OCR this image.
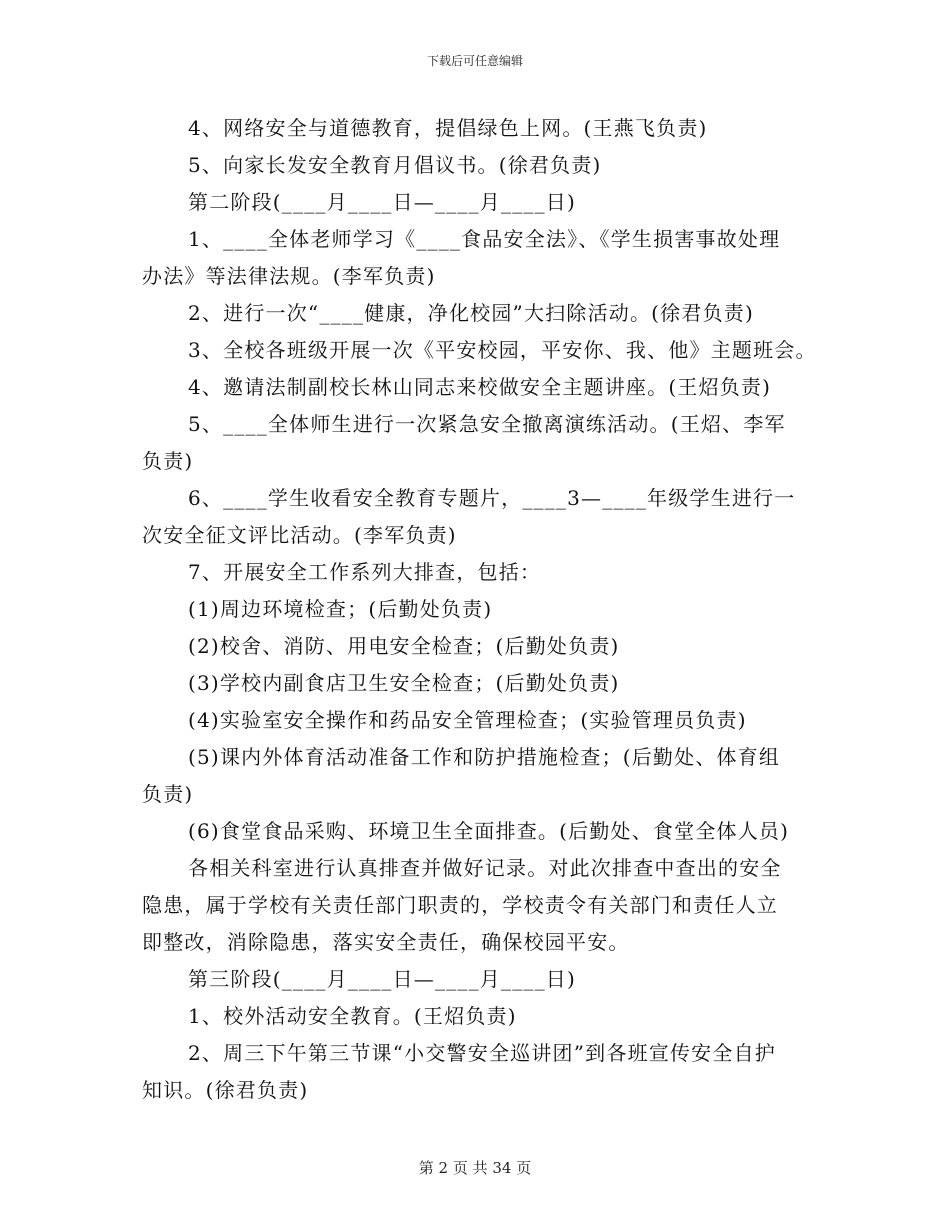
下载后可任意编辑
4、网络安全与道德教育，提倡绿色上网。(王燕飞负责)
5、向家长发安全教育月倡议书。(徐君负责)
第二阶段(____月____日—____月____日)
1、____全体老师学习《____食品安全法》、《学生损害事故处理
办法》等法律法规。(李军负责)
2、进行一次“____健康，净化校园”大扫除活动。(徐君负责)
3、全校各班级开展一次《平安校园，平安你、我、他》主题班会。
4、邀请法制副校长林山同志来校做安全主题讲座。(王炤负责)
5、____全体师生进行一次紧急安全撤离演练活动。(王炤、李军
负责)
6、____学生收看安全教育专题片，____3—____年级学生进行一
次安全征文评比活动。(李军负责)
7、开展安全工作系列大排查，包括：
(1)周边环境检查；(后勤处负责)
(2)校舍、消防、用电安全检查；(后勤处负责)
(3)学校内副食店卫生安全检查；(后勤处负责)
(4)实验室安全操作和药品安全管理检查；(实验管理员负责)
(5)课内外体育活动准备工作和防护措施检查；(后勤处、体育组
负责)
(6)食堂食品采购、环境卫生全面排查。(后勤处、食堂全体人员)
各相关科室进行认真排查并做好记录。对此次排查中查出的安全
隐患，属于学校有关责任部门职责的，学校责令有关部门和责任人立
即整改，消除隐患，落实安全责任，确保校园平安。
第三阶段(____月____日—____月____日)
1、校外活动安全教育。(王炤负责)
2、周三下午第三节课“小交警安全巡讲团”到各班宣传安全自护
知识。(徐君负责)
第 2 页 共 34 页
